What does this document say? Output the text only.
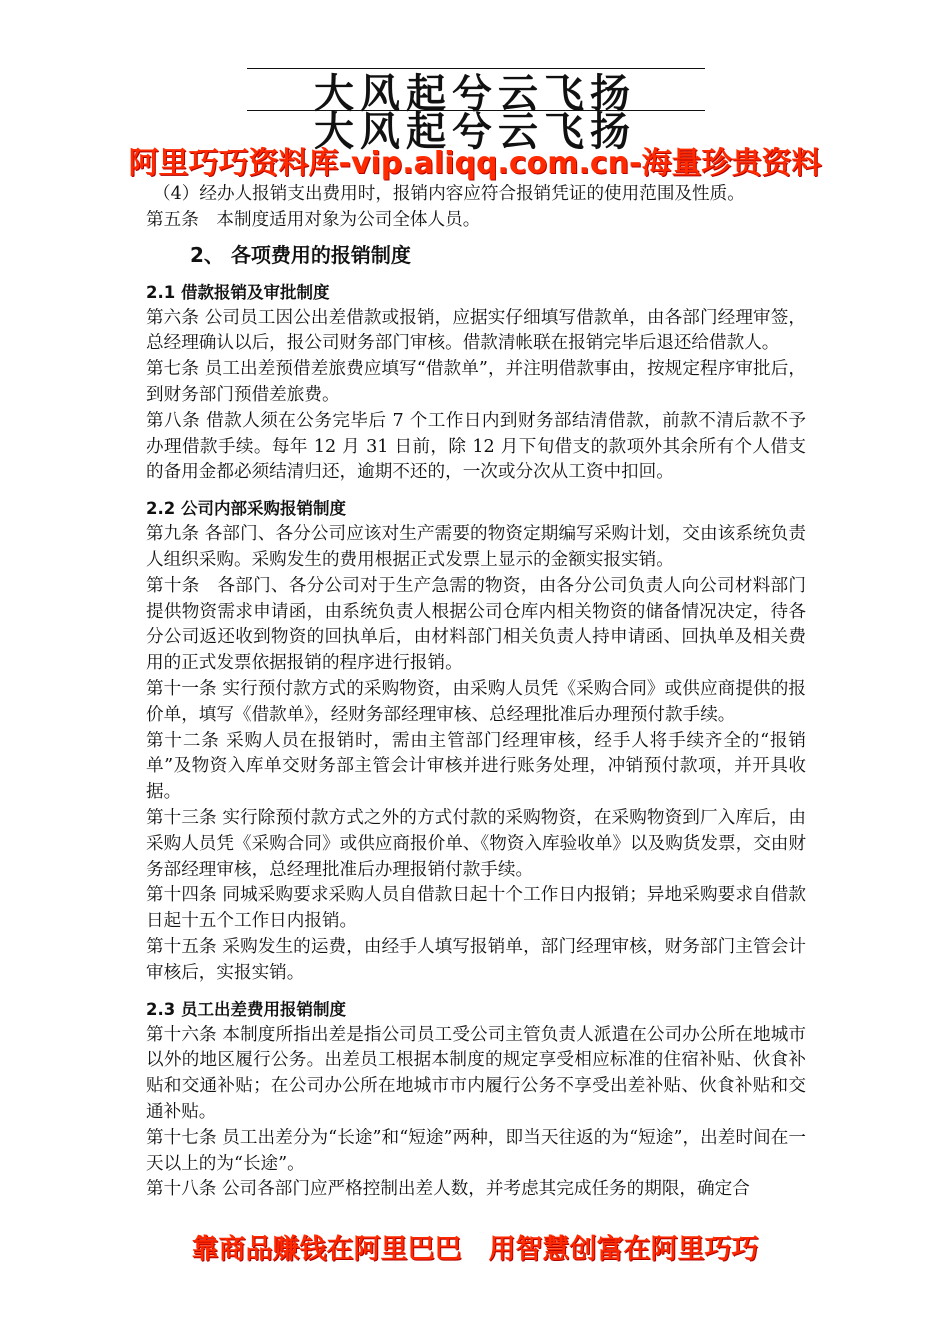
大风起兮云飞扬
大风起兮云飞扬
阿里巧巧资料库-vip.aliqq.com.cn-海量珍贵资料

（4）经办人报销支出费用时，报销内容应符合报销凭证的使用范围及性质。

第五条　本制度适用对象为公司全体人员。

2、 各项费用的报销制度
2.1 借款报销及审批制度

第六条 公司员工因公出差借款或报销，应据实仔细填写借款单，由各部门经理审签，总经理确认以后，报公司财务部门审核。借款清帐联在报销完毕后退还给借款人。

第七条 员工出差预借差旅费应填写“借款单”，并注明借款事由，按规定程序审批后，到财务部门预借差旅费。

第八条 借款人须在公务完毕后 7 个工作日内到财务部结清借款，前款不清后款不予办理借款手续。每年 12 月 31 日前，除 12 月下旬借支的款项外其余所有个人借支的备用金都必须结清归还，逾期不还的，一次或分次从工资中扣回。

2.2 公司内部采购报销制度

第九条 各部门、各分公司应该对生产需要的物资定期编写采购计划，交由该系统负责人组织采购。采购发生的费用根据正式发票上显示的金额实报实销。

第十条　各部门、各分公司对于生产急需的物资，由各分公司负责人向公司材料部门提供物资需求申请函，由系统负责人根据公司仓库内相关物资的储备情况决定，待各分公司返还收到物资的回执单后，由材料部门相关负责人持申请函、回执单及相关费用的正式发票依据报销的程序进行报销。

第十一条 实行预付款方式的采购物资，由采购人员凭《采购合同》或供应商提供的报价单，填写《借款单》，经财务部经理审核、总经理批准后办理预付款手续。

第十二条 采购人员在报销时，需由主管部门经理审核，经手人将手续齐全的“报销单”及物资入库单交财务部主管会计审核并进行账务处理，冲销预付款项，并开具收据。

第十三条 实行除预付款方式之外的方式付款的采购物资，在采购物资到厂入库后，由采购人员凭《采购合同》或供应商报价单、《物资入库验收单》以及购货发票，交由财务部经理审核，总经理批准后办理报销付款手续。

第十四条 同城采购要求采购人员自借款日起十个工作日内报销；异地采购要求自借款日起十五个工作日内报销。

第十五条 采购发生的运费，由经手人填写报销单，部门经理审核，财务部门主管会计审核后，实报实销。

2.3 员工出差费用报销制度

第十六条 本制度所指出差是指公司员工受公司主管负责人派遣在公司办公所在地城市以外的地区履行公务。出差员工根据本制度的规定享受相应标准的住宿补贴、伙食补贴和交通补贴；在公司办公所在地城市市内履行公务不享受出差补贴、伙食补贴和交通补贴。

第十七条 员工出差分为“长途”和“短途”两种，即当天往返的为“短途”，出差时间在一天以上的为“长途”。

第十八条 公司各部门应严格控制出差人数，并考虑其完成任务的期限，确定合

靠商品赚钱在阿里巴巴　用智慧创富在阿里巧巧
